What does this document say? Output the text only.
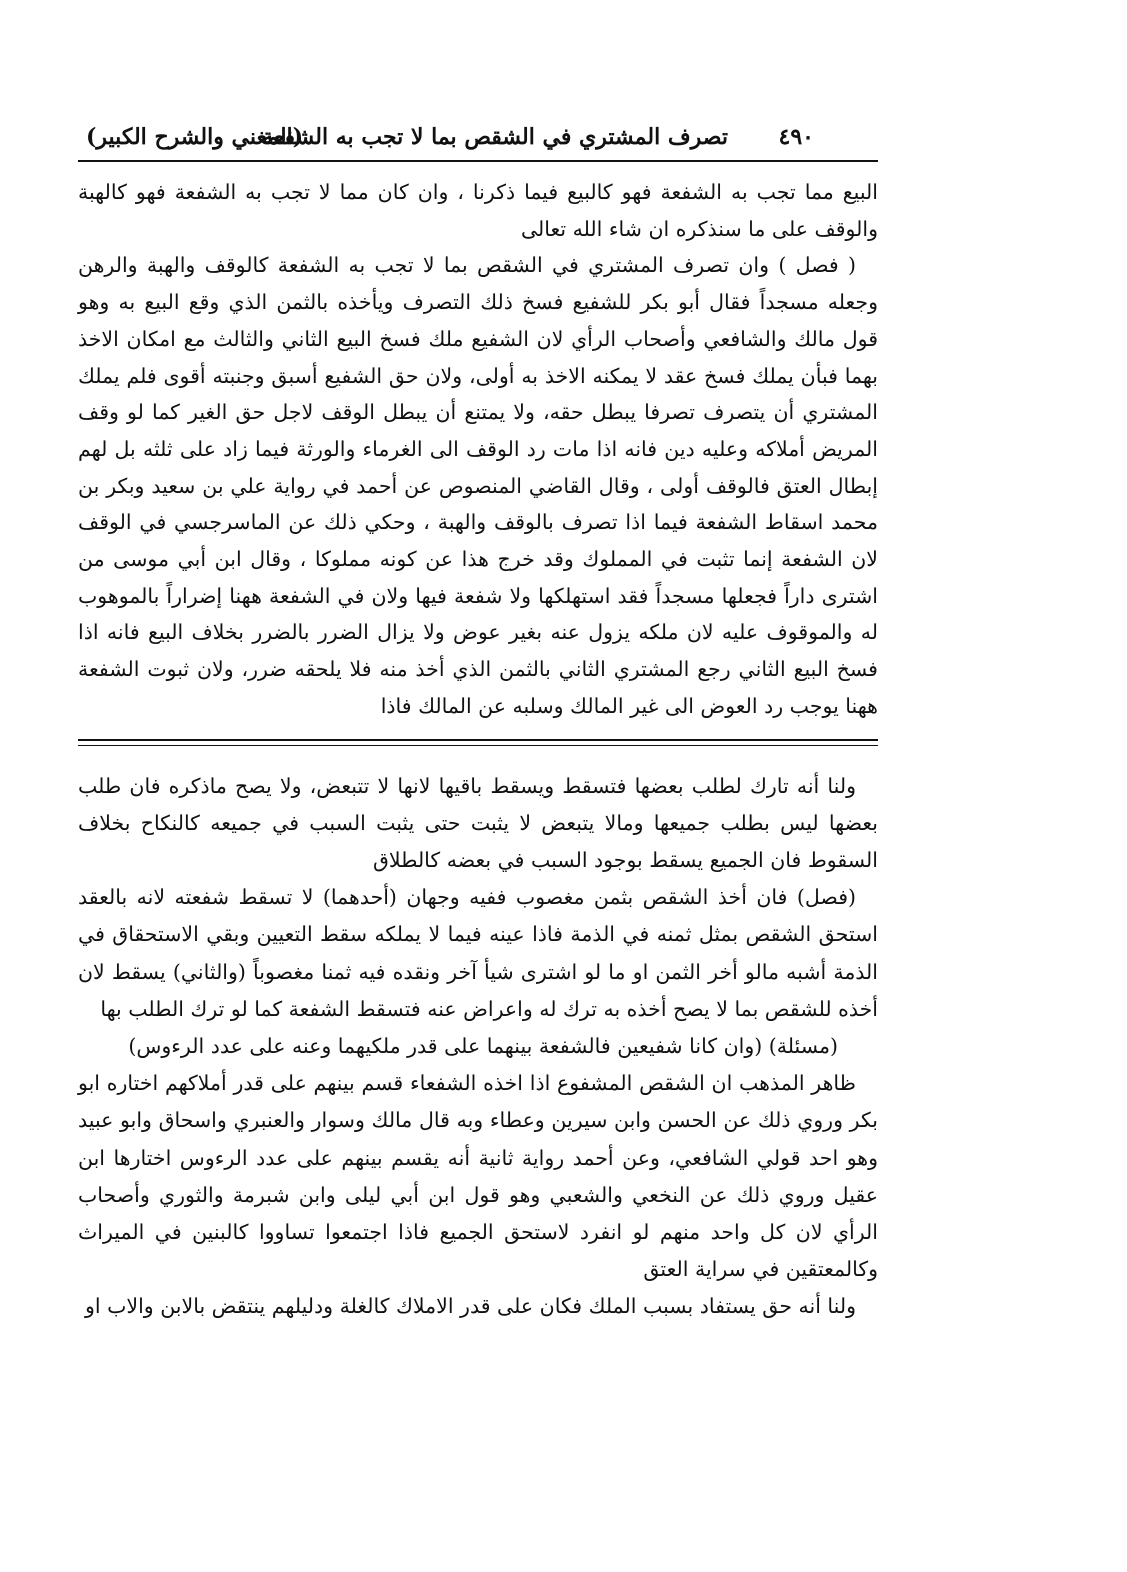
٤٩٠
تصرف المشتري في الشقص بما لا تجب به الشفعة
(المغني والشرح الكبير)

البيع مما تجب به الشفعة فهو كالبيع فيما ذكرنا ، وان كان مما لا تجب به الشفعة فهو كالهبة والوقف على ما سنذكره ان شاء الله تعالى

( فصل ) وان تصرف المشتري في الشقص بما لا تجب به الشفعة كالوقف والهبة والرهن وجعله مسجداً فقال أبو بكر للشفيع فسخ ذلك التصرف ويأخذه بالثمن الذي وقع البيع به وهو قول مالك والشافعي وأصحاب الرأي لان الشفيع ملك فسخ البيع الثاني والثالث مع امكان الاخذ بهما فبأن يملك فسخ عقد لا يمكنه الاخذ به أولى، ولان حق الشفيع أسبق وجنبته أقوى فلم يملك المشتري أن يتصرف تصرفا يبطل حقه، ولا يمتنع أن يبطل الوقف لاجل حق الغير كما لو وقف المريض أملاكه وعليه دين فانه اذا مات رد الوقف الى الغرماء والورثة فيما زاد على ثلثه بل لهم إبطال العتق فالوقف أولى ، وقال القاضي المنصوص عن أحمد في رواية علي بن سعيد وبكر بن محمد اسقاط الشفعة فيما اذا تصرف بالوقف والهبة ، وحكي ذلك عن الماسرجسي في الوقف لان الشفعة إنما تثبت في المملوك وقد خرج هذا عن كونه مملوكا ، وقال ابن أبي موسى من اشترى داراً فجعلها مسجداً فقد استهلكها ولا شفعة فيها ولان في الشفعة ههنا إضراراً بالموهوب له والموقوف عليه لان ملكه يزول عنه بغير عوض ولا يزال الضرر بالضرر بخلاف البيع فانه اذا فسخ البيع الثاني رجع المشتري الثاني بالثمن الذي أخذ منه فلا يلحقه ضرر، ولان ثبوت الشفعة ههنا يوجب رد العوض الى غير المالك وسلبه عن المالك فاذا

ولنا أنه تارك لطلب بعضها فتسقط ويسقط باقيها لانها لا تتبعض، ولا يصح ماذكره فان طلب بعضها ليس بطلب جميعها ومالا يتبعض لا يثبت حتى يثبت السبب في جميعه كالنكاح بخلاف السقوط فان الجميع يسقط بوجود السبب في بعضه كالطلاق

(فصل) فان أخذ الشقص بثمن مغصوب ففيه وجهان (أحدهما) لا تسقط شفعته لانه بالعقد استحق الشقص بمثل ثمنه في الذمة فاذا عينه فيما لا يملكه سقط التعيين وبقي الاستحقاق في الذمة أشبه مالو أخر الثمن او ما لو اشترى شيأ آخر ونقده فيه ثمنا مغصوباً (والثاني) يسقط لان أخذه للشقص بما لا يصح أخذه به ترك له واعراض عنه فتسقط الشفعة كما لو ترك الطلب بها

(مسئلة) (وان كانا شفيعين فالشفعة بينهما على قدر ملكيهما وعنه على عدد الرءوس)

ظاهر المذهب ان الشقص المشفوع اذا اخذه الشفعاء قسم بينهم على قدر أملاكهم اختاره ابو بكر وروي ذلك عن الحسن وابن سيرين وعطاء وبه قال مالك وسوار والعنبري واسحاق وابو عبيد وهو احد قولي الشافعي، وعن أحمد رواية ثانية أنه يقسم بينهم على عدد الرءوس اختارها ابن عقيل وروي ذلك عن النخعي والشعبي وهو قول ابن أبي ليلى وابن شبرمة والثوري وأصحاب الرأي لان كل واحد منهم لو انفرد لاستحق الجميع فاذا اجتمعوا تساووا كالبنين في الميراث وكالمعتقين في سراية العتق

ولنا أنه حق يستفاد بسبب الملك فكان على قدر الاملاك كالغلة ودليلهم ينتقض بالابن والاب او
